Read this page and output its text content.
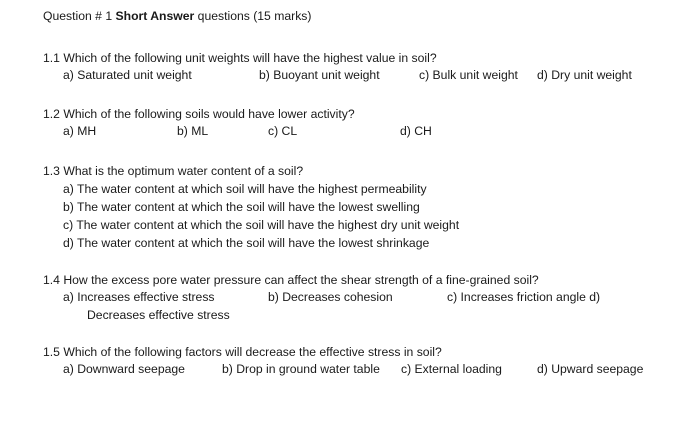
Question # 1 Short Answer questions (15 marks)
1.1 Which of the following unit weights will have the highest value in soil?
a) Saturated unit weight	b) Buoyant unit weight	c) Bulk unit weight d) Dry unit weight
1.2 Which of the following soils would have lower activity?
a) MH	b) ML	c) CL	d) CH
1.3 What is the optimum water content of a soil?
a) The water content at which soil will have the highest permeability
b) The water content at which the soil will have the lowest swelling
c) The water content at which the soil will have the highest dry unit weight
d) The water content at which the soil will have the lowest shrinkage
1.4 How the excess pore water pressure can affect the shear strength of a fine-grained soil?
a) Increases effective stress	b) Decreases cohesion	c) Increases friction angle d)
Decreases effective stress
1.5 Which of the following factors will decrease the effective stress in soil?
a) Downward seepage	b) Drop in ground water table c) External loading	d) Upward seepage
